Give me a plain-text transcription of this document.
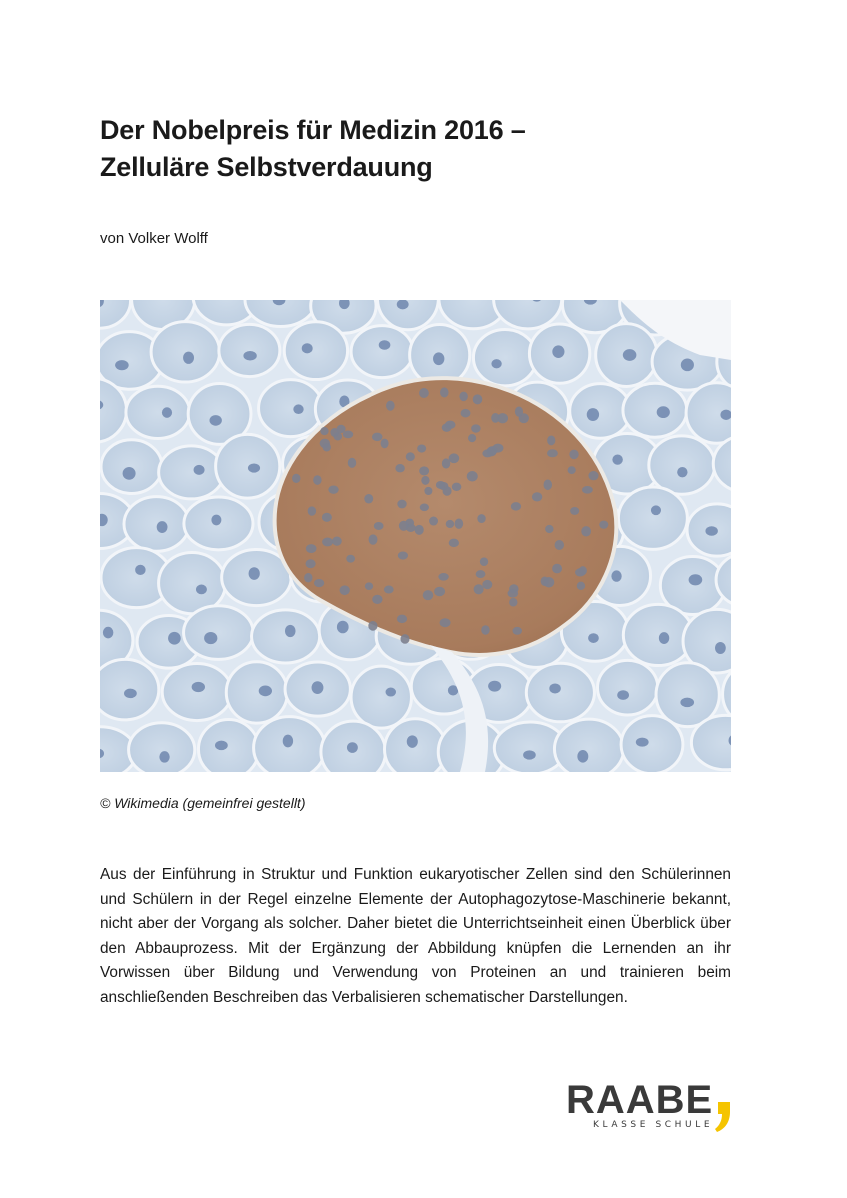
Der Nobelpreis für Medizin 2016 –
Zelluläre Selbstverdauung
von Volker Wolff
© Wikimedia (gemeinfrei gestellt)

Aus der Einführung in Struktur und Funktion eukaryotischer Zellen sind den Schülerinnen und Schülern in der Regel einzelne Elemente der Autophagozytose-Maschinerie bekannt, nicht aber der Vorgang als solcher. Daher bietet die Unterrichtseinheit einen Überblick über den Abbauprozess. Mit der Ergänzung der Abbildung knüpfen die Lernenden an ihr Vorwissen über Bildung und Verwendung von Proteinen an und trainieren beim anschließenden Beschreiben das Verbalisieren schematischer Darstellungen.

RAABE
KLASSE SCHULE
